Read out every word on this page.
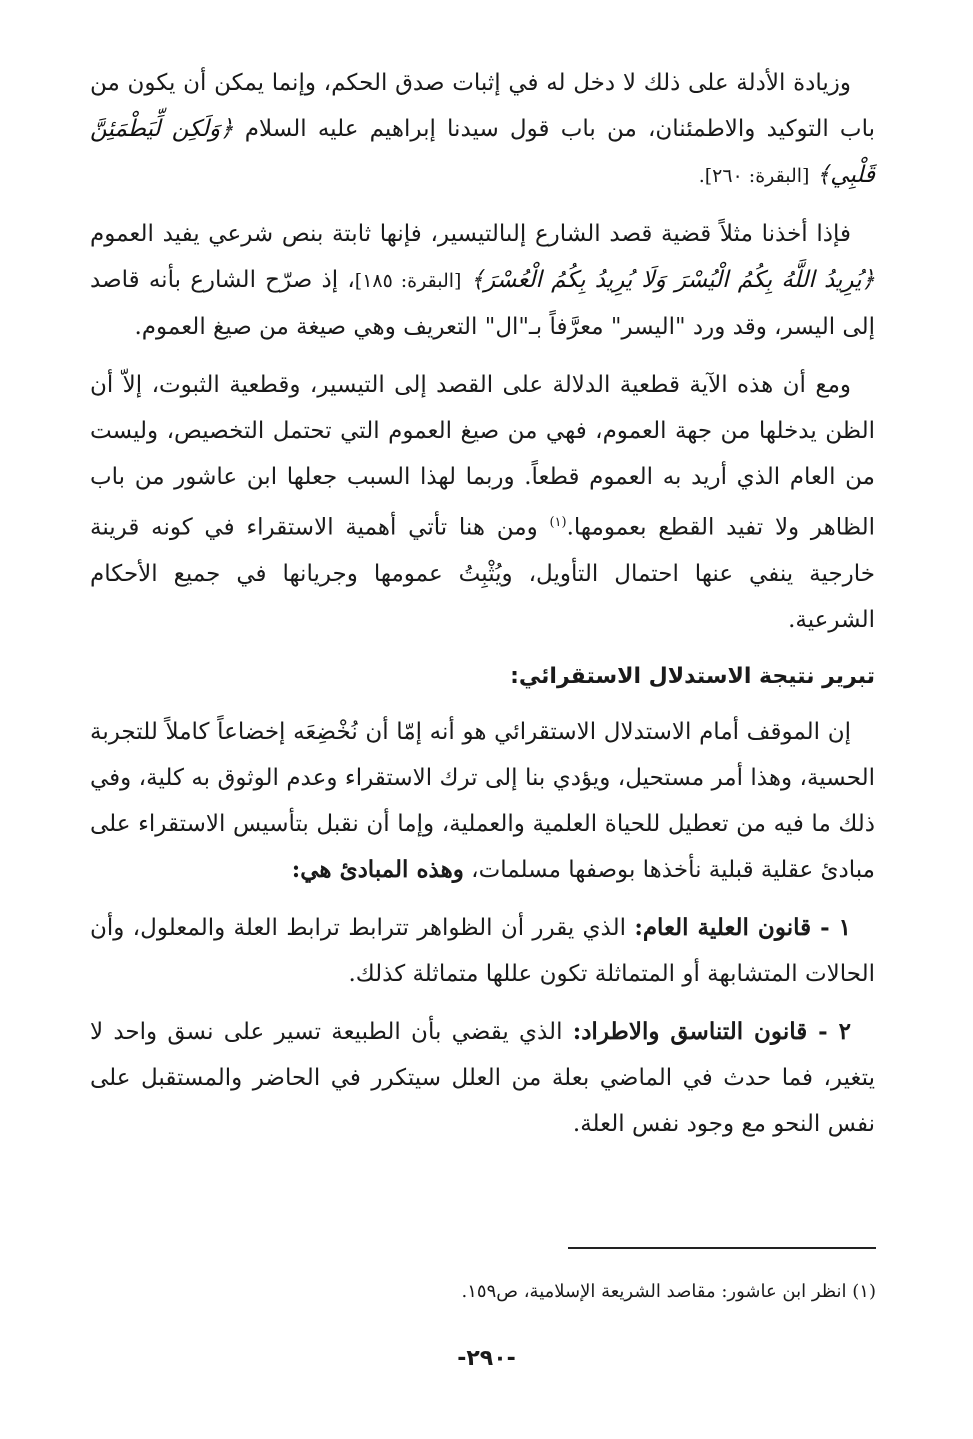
وزيادة الأدلة على ذلك لا دخل له في إثبات صدق الحكم، وإنما يمكن أن يكون من باب التوكيد والاطمئنان، من باب قول سيدنا إبراهيم عليه السلام ﴿وَلَكِن لِّيَطْمَئِنَّ قَلْبِي﴾ [البقرة: ٢٦٠].

فإذا أخذنا مثلاً قضية قصد الشارع إلىالتيسير، فإنها ثابتة بنص شرعي يفيد العموم ﴿يُرِيدُ اللَّهُ بِكُمُ الْيُسْرَ وَلَا يُرِيدُ بِكُمُ الْعُسْرَ﴾ [البقرة: ١٨٥]، إذ صرّح الشارع بأنه قاصد إلى اليسر، وقد ورد "اليسر" معرَّفاً بـ"ال" التعريف وهي صيغة من صيغ العموم.

ومع أن هذه الآية قطعية الدلالة على القصد إلى التيسير، وقطعية الثبوت، إلاّ أن الظن يدخلها من جهة العموم، فهي من صيغ العموم التي تحتمل التخصيص، وليست من العام الذي أريد به العموم قطعاً. وربما لهذا السبب جعلها ابن عاشور من باب الظاهر ولا تفيد القطع بعمومها.$^{(١)}$ ومن هنا تأتي أهمية الاستقراء في كونه قرينة خارجية ينفي عنها احتمال التأويل، ويُثْبِتُ عمومها وجريانها في جميع الأحكام الشرعية.

تبرير نتيجة الاستدلال الاستقرائي:

إن الموقف أمام الاستدلال الاستقرائي هو أنه إمّا أن نُخْضِعَه إخضاعاً كاملاً للتجربة الحسية، وهذا أمر مستحيل، ويؤدي بنا إلى ترك الاستقراء وعدم الوثوق به كلية، وفي ذلك ما فيه من تعطيل للحياة العلمية والعملية، وإما أن نقبل بتأسيس الاستقراء على مبادئ عقلية قبلية نأخذها بوصفها مسلمات، وهذه المبادئ هي:

١ - قانون العلية العام: الذي يقرر أن الظواهر تترابط ترابط العلة والمعلول، وأن الحالات المتشابهة أو المتماثلة تكون عللها متماثلة كذلك.

٢ - قانون التناسق والاطراد: الذي يقضي بأن الطبيعة تسير على نسق واحد لا يتغير، فما حدث في الماضي بعلة من العلل سيتكرر في الحاضر والمستقبل على نفس النحو مع وجود نفس العلة.

(١) انظر ابن عاشور: مقاصد الشريعة الإسلامية، ص١٥٩.
-٢٩٠-
